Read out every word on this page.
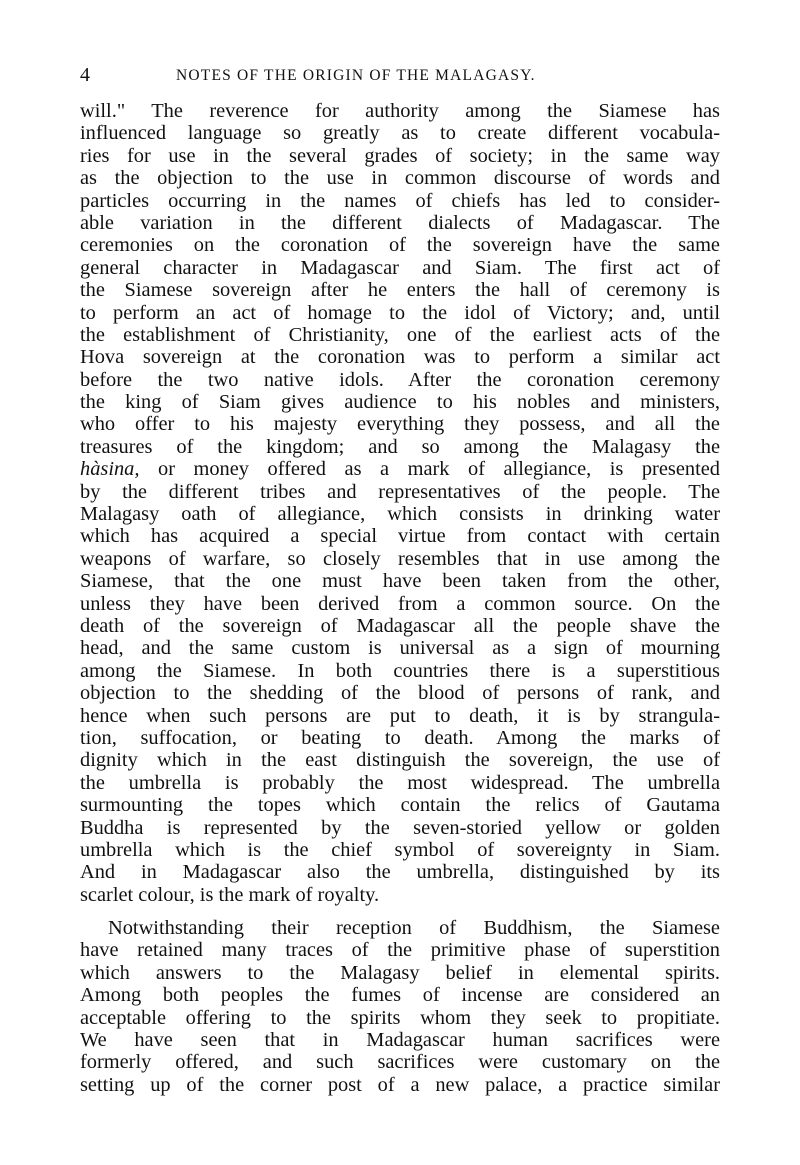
4	NOTES OF THE ORIGIN OF THE MALAGASY.
will." The reverence for authority among the Siamese has
influenced language so greatly as to create different vocabula-
ries for use in the several grades of society; in the same way
as the objection to the use in common discourse of words and
particles occurring in the names of chiefs has led to consider-
able variation in the different dialects of Madagascar. The
ceremonies on the coronation of the sovereign have the same
general character in Madagascar and Siam. The first act of
the Siamese sovereign after he enters the hall of ceremony is
to perform an act of homage to the idol of Victory; and, until
the establishment of Christianity, one of the earliest acts of the
Hova sovereign at the coronation was to perform a similar act
before the two native idols. After the coronation ceremony
the king of Siam gives audience to his nobles and ministers,
who offer to his majesty everything they possess, and all the
treasures of the kingdom; and so among the Malagasy the
hàsina, or money offered as a mark of allegiance, is presented
by the different tribes and representatives of the people. The
Malagasy oath of allegiance, which consists in drinking water
which has acquired a special virtue from contact with certain
weapons of warfare, so closely resembles that in use among the
Siamese, that the one must have been taken from the other,
unless they have been derived from a common source. On the
death of the sovereign of Madagascar all the people shave the
head, and the same custom is universal as a sign of mourning
among the Siamese. In both countries there is a superstitious
objection to the shedding of the blood of persons of rank, and
hence when such persons are put to death, it is by strangula-
tion, suffocation, or beating to death. Among the marks of
dignity which in the east distinguish the sovereign, the use of
the umbrella is probably the most widespread. The umbrella
surmounting the topes which contain the relics of Gautama
Buddha is represented by the seven-storied yellow or golden
umbrella which is the chief symbol of sovereignty in Siam.
And in Madagascar also the umbrella, distinguished by its
scarlet colour, is the mark of royalty.
Notwithstanding their reception of Buddhism, the Siamese
have retained many traces of the primitive phase of superstition
which answers to the Malagasy belief in elemental spirits.
Among both peoples the fumes of incense are considered an
acceptable offering to the spirits whom they seek to propitiate.
We have seen that in Madagascar human sacrifices were
formerly offered, and such sacrifices were customary on the
setting up of the corner post of a new palace, a practice similar
